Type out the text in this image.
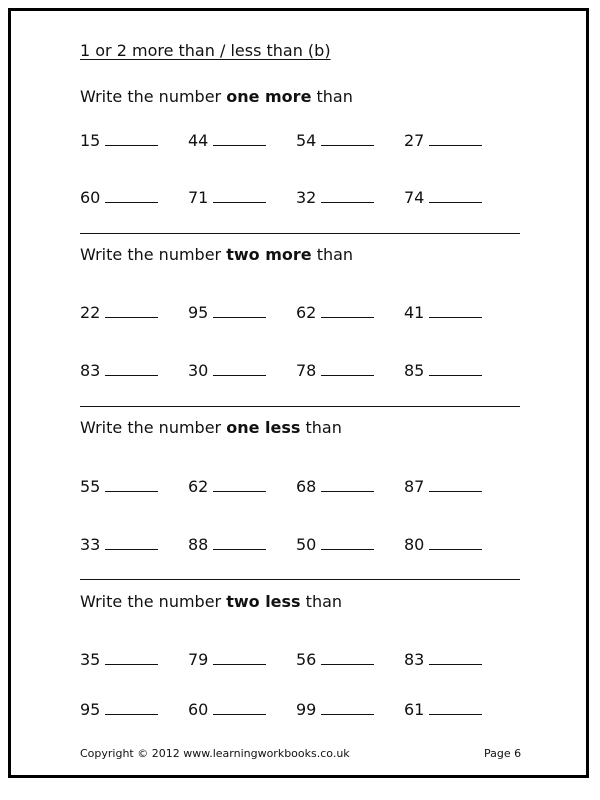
1 or 2 more than / less than (b)
Write the number one more than
15	44	54	27
60	71	32	74
Write the number two more than
22	95	62	41
83	30	78	85
Write the number one less than
55	62	68	87
33	88	50	80
Write the number two less than
35	79	56	83
95	60	99	61
Copyright © 2012 www.learningworkbooks.co.uk	Page 6
